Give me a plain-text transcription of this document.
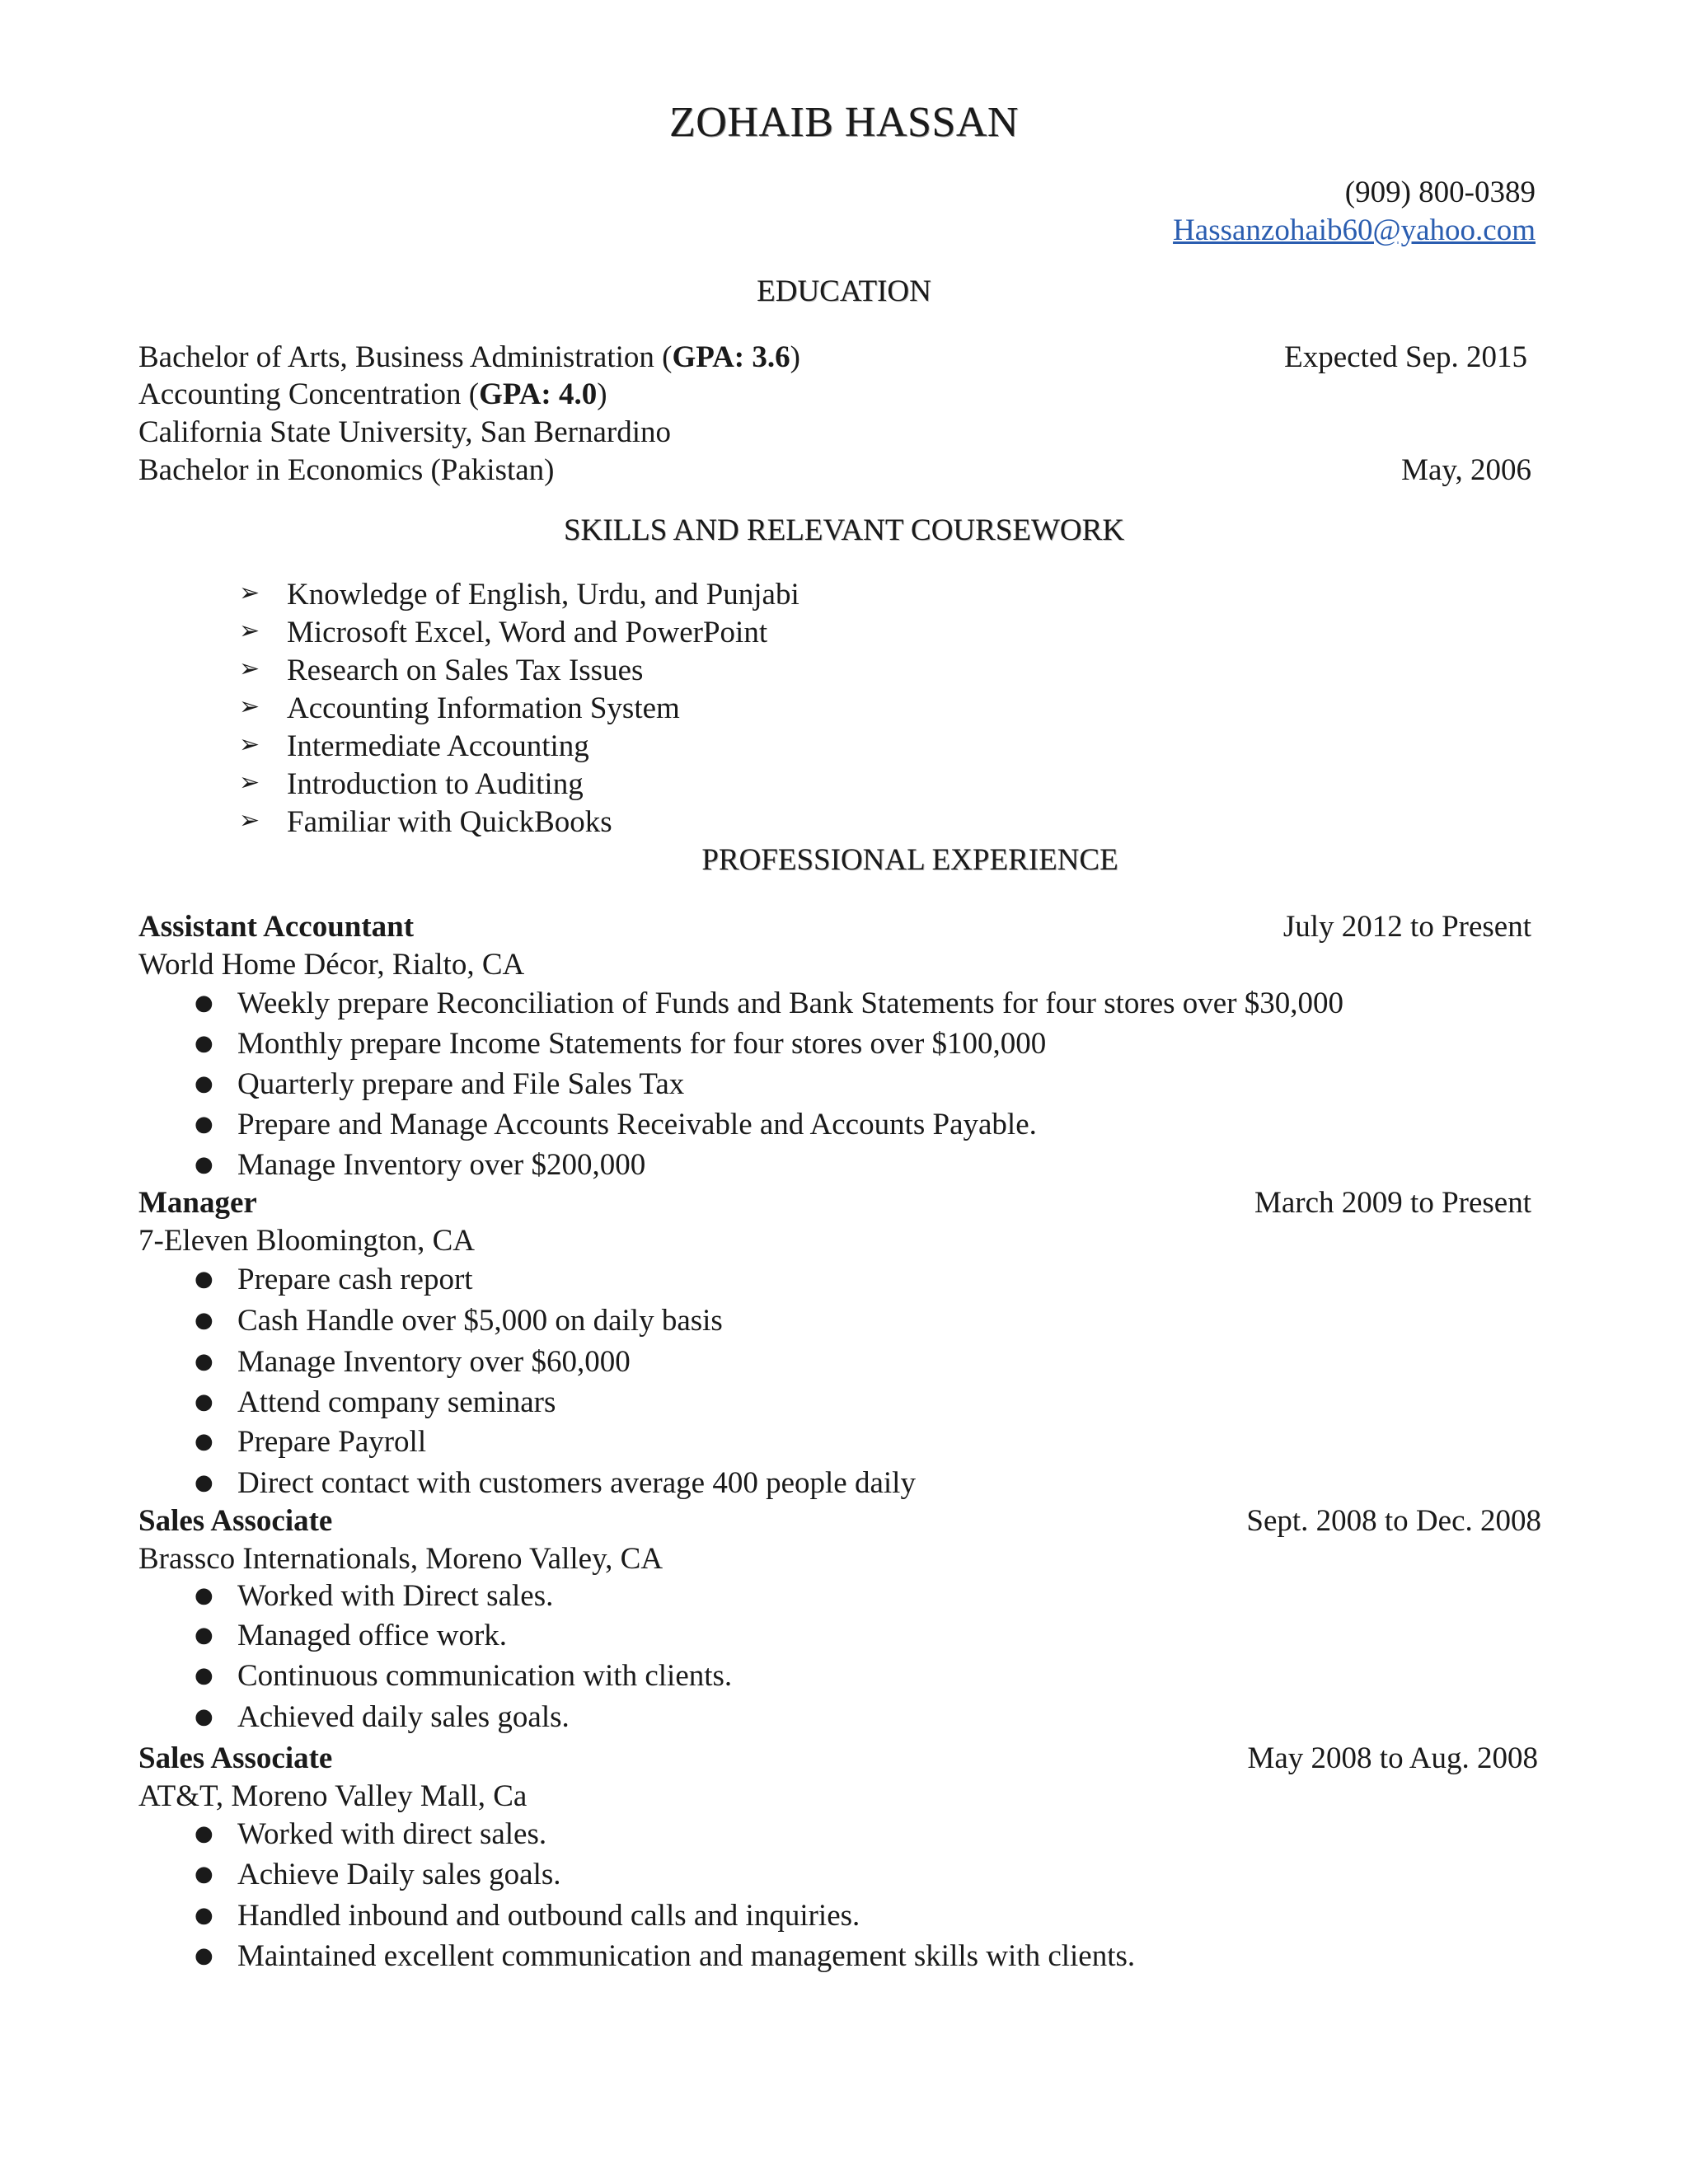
ZOHAIB HASSAN
(909) 800-0389
Hassanzohaib60@yahoo.com
EDUCATION
Bachelor of Arts, Business Administration (GPA: 3.6)	Expected Sep. 2015
Accounting Concentration (GPA: 4.0)
California State University, San Bernardino
Bachelor in Economics (Pakistan)	May, 2006
SKILLS AND RELEVANT COURSEWORK
➢ Knowledge of English, Urdu, and Punjabi
➢ Microsoft Excel, Word and PowerPoint
➢ Research on Sales Tax Issues
➢ Accounting Information System
➢ Intermediate Accounting
➢ Introduction to Auditing
➢ Familiar with QuickBooks
PROFESSIONAL EXPERIENCE
Assistant Accountant	July 2012 to Present
World Home Décor, Rialto, CA
● Weekly prepare Reconciliation of Funds and Bank Statements for four stores over $30,000
● Monthly prepare Income Statements for four stores over $100,000
● Quarterly prepare and File Sales Tax
● Prepare and Manage Accounts Receivable and Accounts Payable.
● Manage Inventory over $200,000
Manager	March 2009 to Present
7-Eleven Bloomington, CA
● Prepare cash report
● Cash Handle over $5,000 on daily basis
● Manage Inventory over $60,000
● Attend company seminars
● Prepare Payroll
● Direct contact with customers average 400 people daily
Sales Associate	Sept. 2008 to Dec. 2008
Brassco Internationals, Moreno Valley, CA
● Worked with Direct sales.
● Managed office work.
● Continuous communication with clients.
● Achieved daily sales goals.
Sales Associate	May 2008 to Aug. 2008
AT&T, Moreno Valley Mall, Ca
● Worked with direct sales.
● Achieve Daily sales goals.
● Handled inbound and outbound calls and inquiries.
● Maintained excellent communication and management skills with clients.
